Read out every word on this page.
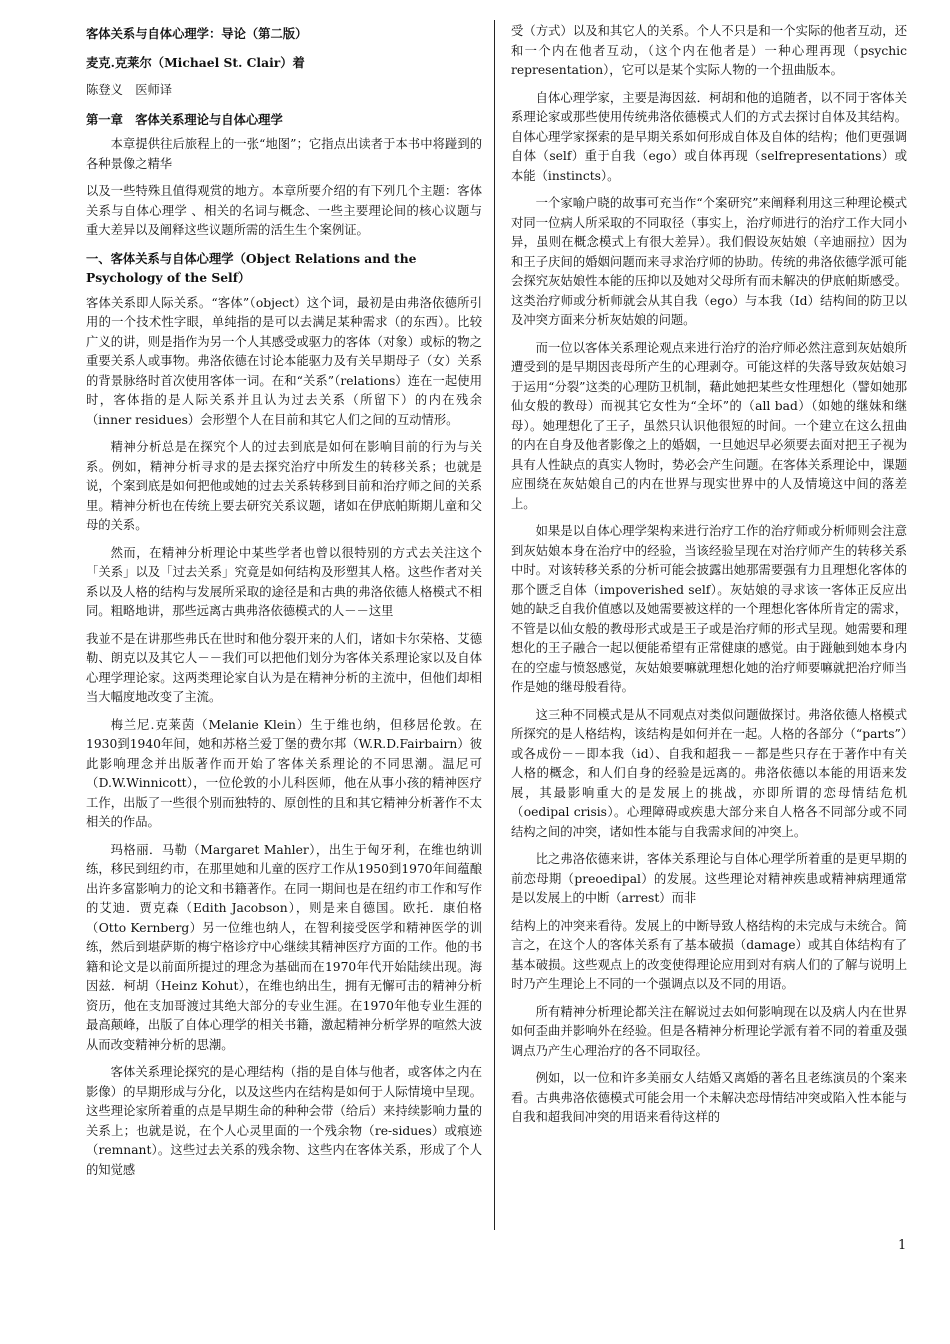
客体关系与自体心理学：导论（第二版）
麦克.克莱尔（Michael St. Clair）着
陈登义　医师译
第一章　客体关系理论与自体心理学

本章提供往后旅程上的一张“地图”；它指点出读者于本书中将踫到的各种景像之精华

以及一些特殊且值得观赏的地方。本章所要介绍的有下列几个主题：客体关系与自体心理学 、相关的名词与概念、一些主要理论间的核心议题与重大差异以及阐释这些议题所需的活生生个案例证。

一、客体关系与自体心理学（Object Relations and the Psychology of the Self）

客体关系即人际关系。“客体”（object）这个词，最初是由弗洛依德所引用的一个技术性字眼，单纯指的是可以去满足某种需求（的东西）。比较广义的讲，则是指作为另一个人其感受或驱力的客体（对象）或标的物之重要关系人或事物。弗洛依德在讨论本能驱力及有关早期母子（女）关系的背景脉络时首次使用客体一词。在和“关系”（relations）连在一起使用时，客体指的是人际关系并且认为过去关系（所留下）的内在残余（inner residues）会形塑个人在目前和其它人们之间的互动情形。

精神分析总是在探究个人的过去到底是如何在影响目前的行为与关系。例如，精神分析寻求的是去探究治疗中所发生的转移关系；也就是说，个案到底是如何把他或她的过去关系转移到目前和治疗师之间的关系里。精神分析也在传统上要去研究关系议题，诸如在伊底帕斯期儿童和父母的关系。

然而，在精神分析理论中某些学者也曾以很特别的方式去关注这个「关系」以及「过去关系」究竟是如何结构及形塑其人格。这些作者对关系以及人格的结构与发展所采取的途径是和古典的弗洛依德人格模式不相同。粗略地讲，那些远离古典弗洛依德模式的人－－这里

我並不是在讲那些弗氏在世时和他分裂开来的人们，诸如卡尔荣格、艾德勒、朗克以及其它人－－我们可以把他们划分为客体关系理论家以及自体心理学理论家。这两类理论家自认为是在精神分析的主流中，但他们却相当大幅度地改变了主流。

梅兰尼.克莱茵（Melanie Klein）生于维也纳，但移居伦敦。在1930到1940年间，她和苏格兰爱丁堡的费尔邦（W.R.D.Fairbairn）彼此影响理念并出版著作而开始了客体关系理论的不同思潮。温尼可（D.W.Winnicott），一位伦敦的小儿科医师，他在从事小孩的精神医疗工作，出版了一些很个别而独特的、原创性的且和其它精神分析著作不太相关的作品。

玛格丽．马勒（Margaret Mahler），出生于匈牙利，在维也纳训练，移民到纽约市，在那里她和儿童的医疗工作从1950到1970年间蕴酿出许多富影响力的论文和书籍著作。在同一期间也是在纽约市工作和写作的艾迪．贾克森（Edith Jacobson），则是来自德国。欧托．康伯格（Otto Kernberg）另一位维也纳人，在智利接受医学和精神医学的训练，然后到堪萨斯的梅宁格诊疗中心继续其精神医疗方面的工作。他的书籍和论文是以前面所提过的理念为基础而在1970年代开始陆续出现。海因兹．柯胡（Heinz Kohut），在维也纳出生，拥有无懈可击的精神分析资历，他在支加哥渡过其绝大部分的专业生涯。在1970年他专业生涯的最高颠峰，出版了自体心理学的相关书籍，激起精神分析学界的喧然大波从而改变精神分析的思潮。

客体关系理论探究的是心理结构（指的是自体与他者，或客体之内在影像）的早期形成与分化，以及这些内在结构是如何于人际情境中呈现。这些理论家所着重的点是早期生命的种种会带（给后）来持续影响力量的关系上；也就是说，在个人心灵里面的一个残余物（re-sidues）或痕迹（remnant）。这些过去关系的残余物、这些内在客体关系，形成了个人的知觉感

受（方式）以及和其它人的关系。个人不只是和一个实际的他者互动，还和一个内在他者互动，（这个内在他者是）一种心理再现（psychic representation），它可以是某个实际人物的一个扭曲版本。

自体心理学家，主要是海因兹．柯胡和他的追随者，以不同于客体关系理论家或那些使用传统弗洛依德模式人们的方式去探讨自体及其结构。自体心理学家探索的是早期关系如何形成自体及自体的结构；他们更强调自体（self）重于自我（ego）或自体再现（selfrepresentations）或本能（instincts）。

一个家喻户晓的故事可充当作“个案研究”来阐释利用这三种理论模式对同一位病人所采取的不同取径（事实上，治疗师进行的治疗工作大同小异，虽则在概念模式上有很大差异）。我们假设灰姑娘（辛迪丽拉）因为和王子庆间的婚姻问题而来寻求治疗师的协助。传统的弗洛依德学派可能会探究灰姑娘性本能的压抑以及她对父母所有而未解决的伊底帕斯感受。这类治疗师或分析师就会从其自我（ego）与本我（Id）结构间的防卫以及冲突方面来分析灰姑娘的问题。

而一位以客体关系理论观点来进行治疗的治疗师必然注意到灰姑娘所遭受到的是早期因丧母所产生的心理剥夺。可能这样的失落导致灰姑娘习于运用“分裂”这类的心理防卫机制，藉此她把某些女性理想化（譬如她那仙女般的教母）而视其它女性为“全坏”的（all bad）（如她的继妹和继母）。她理想化了王子，虽然只认识他很短的时间。一个建立在这么扭曲的内在自身及他者影像之上的婚姻，一旦她迟早必须要去面对把王子视为具有人性缺点的真实人物时，势必会产生问题。在客体关系理论中，课题应围绕在灰姑娘自己的内在世界与现实世界中的人及情境这中间的落差上。

如果是以自体心理学架构来进行治疗工作的治疗师或分析师则会注意到灰姑娘本身在治疗中的经验，当该经验呈现在对治疗师产生的转移关系中时。对该转移关系的分析可能会披露出她那需要强有力且理想化客体的那个匮乏自体（impoverished self）。灰姑娘的寻求该一客体正反应出她的缺乏自我价值感以及她需要被这样的一个理想化客体所肯定的需求，不管是以仙女般的教母形式或是王子或是治疗师的形式呈现。她需要和理想化的王子融合一起以便能希望有正常健康的感觉。由于踫触到她本身内在的空虚与愤怒感觉，灰姑娘要嘛就理想化她的治疗师要嘛就把治疗师当作是她的继母般看待。

这三种不同模式是从不同观点对类似问题做探讨。弗洛依德人格模式所探究的是人格结构，该结构是如何并在一起。人格的各部分（“parts”）或各成份－－即本我（id）、自我和超我－－都是些只存在于著作中有关人格的概念，和人们自身的经验是远离的。弗洛依德以本能的用语来发展，其最影响重大的是发展上的挑战，亦即所谓的恋母情结危机（oedipal crisis）。心理障碍或疾患大部分来自人格各不同部分或不同结构之间的冲突，诸如性本能与自我需求间的冲突上。

比之弗洛依德来讲，客体关系理论与自体心理学所着重的是更早期的前恋母期（preoedipal）的发展。这些理论对精神疾患或精神病理通常是以发展上的中断（arrest）而非

结构上的冲突来看待。发展上的中断导致人格结构的未完成与未统合。简言之，在这个人的客体关系有了基本破损（damage）或其自体结构有了基本破损。这些观点上的改变使得理论应用到对有病人们的了解与说明上时乃产生理论上不同的一个强调点以及不同的用语。

所有精神分析理论都关注在解说过去如何影响现在以及病人内在世界如何歪曲并影响外在经验。但是各精神分析理论学派有着不同的着重及强调点乃产生心理治疗的各不同取径。

例如，以一位和许多美丽女人结婚又离婚的著名且老练演员的个案来看。古典弗洛依德模式可能会用一个未解决恋母情结冲突或陷入性本能与自我和超我间冲突的用语来看待这样的

1
